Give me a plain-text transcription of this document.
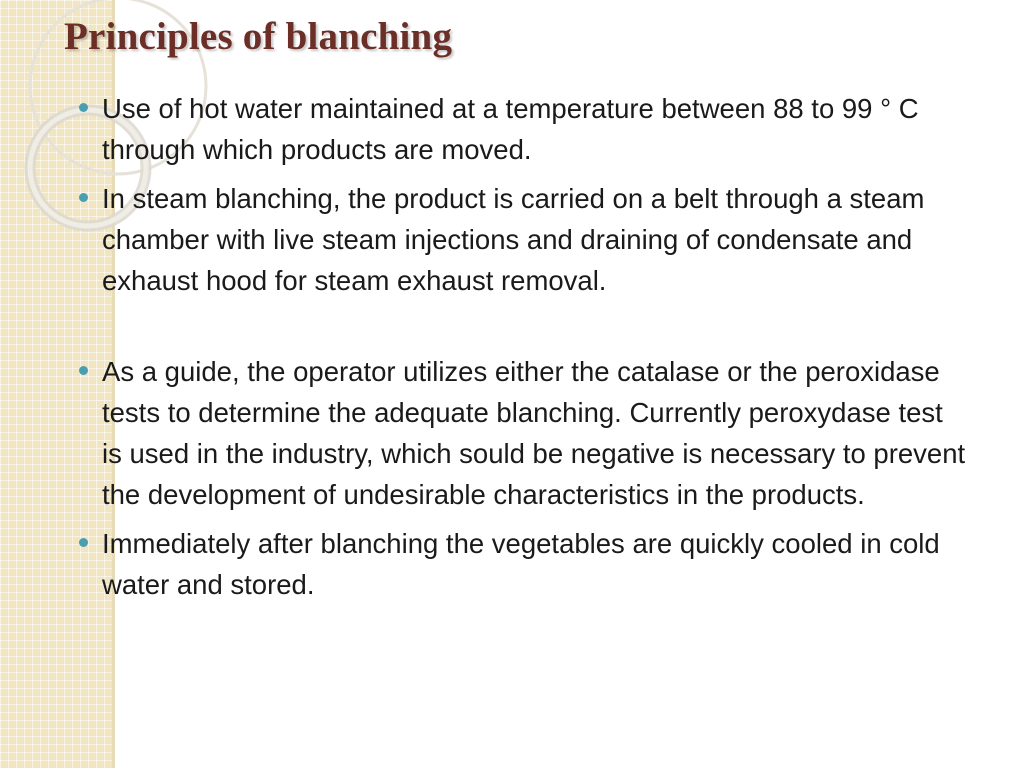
Principles of blanching
Use of hot water maintained at a temperature between 88 to 99 ° C through which products are moved.
In steam blanching, the product is carried on a belt through a steam chamber with live steam injections and draining of condensate and exhaust hood for steam exhaust removal.
As a guide, the operator utilizes either the catalase or the peroxidase tests to determine the adequate blanching. Currently peroxydase test is used in the industry, which sould be negative is necessary to prevent the development of undesirable characteristics in the products.
Immediately after blanching the vegetables are quickly cooled in cold water and stored.
